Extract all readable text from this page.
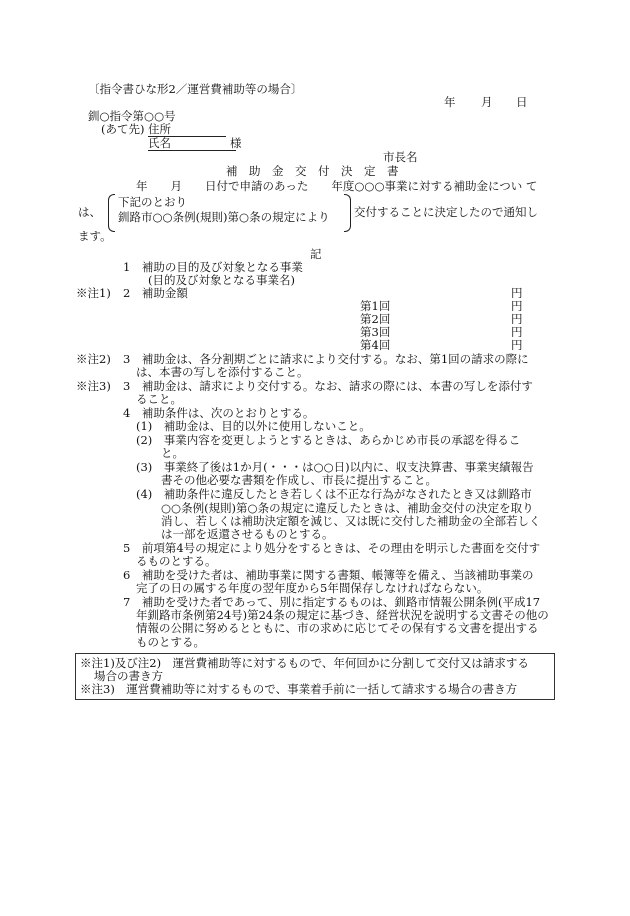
〔指令書ひな形2／運営費補助等の場合〕
年 月 日
釧○指令第○○号
(あて先) 住所
氏名	様
市長名
補　助　金　交　付　決　定　書
年　　月　　日付で申請のあった　　年度○○○事業に対する補助金につい て
は、
下記のとおり
釧路市○○条例(規則)第○条の規定により 交付することに決定したので通知し
ます。
記
1　補助の目的及び対象となる事業
(目的及び対象となる事業名)
※注1) 2　補助金額	円
第1回	円
第2回	円
第3回	円
第4回	円
※注2) 3　補助金は、各分割期ごとに請求により交付する。なお、第1回の請求の際に
は、本書の写しを添付すること。
※注3) 3　補助金は、請求により交付する。なお、請求の際には、本書の写しを添付す
ること。
4　補助条件は、次のとおりとする。
(1)　補助金は、目的以外に使用しないこと。
(2)　事業内容を変更しようとするときは、あらかじめ市長の承認を得るこ
と。
(3)　事業終了後は1か月(・・・は○○日)以内に、収支決算書、事業実績報告
書その他必要な書類を作成し、市長に提出すること。
(4)　補助条件に違反したとき若しくは不正な行為がなされたとき又は釧路市
○○条例(規則)第○条の規定に違反したときは、補助金交付の決定を取り
消し、若しくは補助決定額を減じ、又は既に交付した補助金の全部若しく
は一部を返還させるものとする。
5　前項第4号の規定により処分をするときは、その理由を明示した書面を交付す
るものとする。
6　補助を受けた者は、補助事業に関する書類、帳簿等を備え、当該補助事業の
完了の日の属する年度の翌年度から5年間保存しなければならない。
7　補助を受けた者であって、別に指定するものは、釧路市情報公開条例(平成17
年釧路市条例第24号)第24条の規定に基づき、経営状況を説明する文書その他の
情報の公開に努めるとともに、市の求めに応じてその保有する文書を提出する
ものとする。
※注1)及び注2)　運営費補助等に対するもので、年何回かに分割して交付又は請求する
場合の書き方
※注3)　運営費補助等に対するもので、事業着手前に一括して請求する場合の書き方
